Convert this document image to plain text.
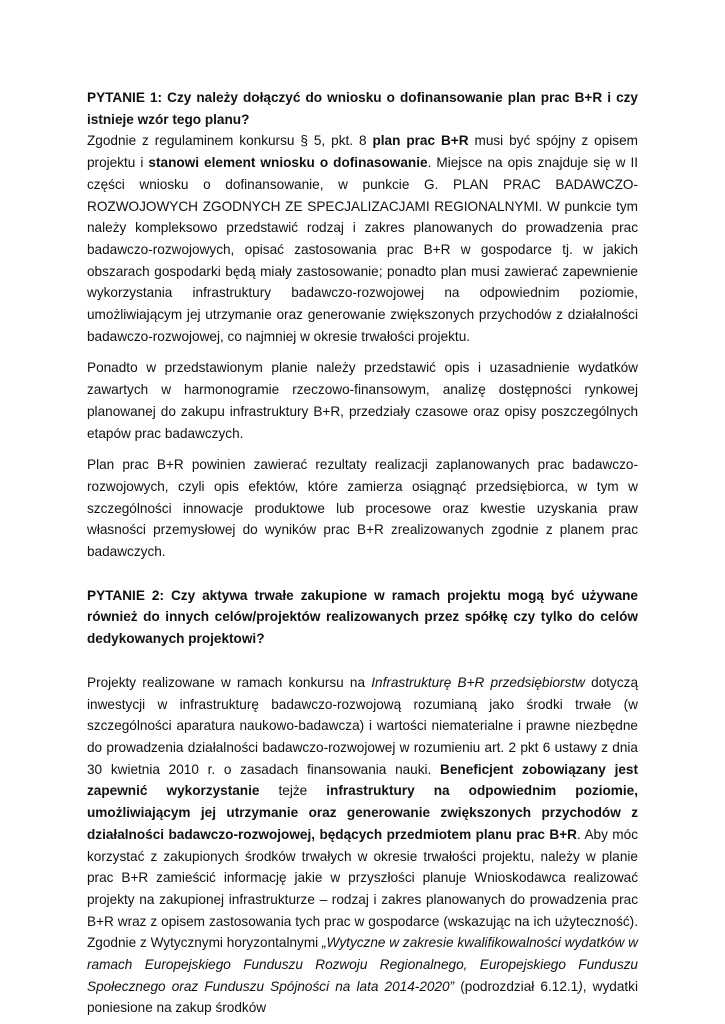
PYTANIE 1: Czy należy dołączyć do wniosku o dofinansowanie plan prac B+R i czy istnieje wzór tego planu?

Zgodnie z regulaminem konkursu § 5, pkt. 8 plan prac B+R musi być spójny z opisem projektu i stanowi element wniosku o dofinasowanie. Miejsce na opis znajduje się w II części wniosku o dofinansowanie, w punkcie G. PLAN PRAC BADAWCZO-ROZWOJOWYCH ZGODNYCH ZE SPECJALIZACJAMI REGIONALNYMI. W punkcie tym należy kompleksowo przedstawić rodzaj i zakres planowanych do prowadzenia prac badawczo-rozwojowych, opisać zastosowania prac B+R w gospodarce tj. w jakich obszarach gospodarki będą miały zastosowanie; ponadto plan musi zawierać zapewnienie wykorzystania infrastruktury badawczo-rozwojowej na odpowiednim poziomie, umożliwiającym jej utrzymanie oraz generowanie zwiększonych przychodów z działalności badawczo-rozwojowej, co najmniej w okresie trwałości projektu.

Ponadto w przedstawionym planie należy przedstawić opis i uzasadnienie wydatków zawartych w harmonogramie rzeczowo-finansowym, analizę dostępności rynkowej planowanej do zakupu infrastruktury B+R, przedziały czasowe oraz opisy poszczególnych etapów prac badawczych.

Plan prac B+R powinien zawierać rezultaty realizacji zaplanowanych prac badawczo-rozwojowych, czyli opis efektów, które zamierza osiągnąć przedsiębiorca, w tym w szczególności innowacje produktowe lub procesowe oraz kwestie uzyskania praw własności przemysłowej do wyników prac B+R zrealizowanych zgodnie z planem prac badawczych.

PYTANIE 2: Czy aktywa trwałe zakupione w ramach projektu mogą być używane również do innych celów/projektów realizowanych przez spółkę czy tylko do celów dedykowanych projektowi?

Projekty realizowane w ramach konkursu na Infrastrukturę B+R przedsiębiorstw dotyczą inwestycji w infrastrukturę badawczo-rozwojową rozumianą jako środki trwałe (w szczególności aparatura naukowo-badawcza) i wartości niematerialne i prawne niezbędne do prowadzenia działalności badawczo-rozwojowej w rozumieniu art. 2 pkt 6 ustawy z dnia 30 kwietnia 2010 r. o zasadach finansowania nauki. Beneficjent zobowiązany jest zapewnić wykorzystanie tejże infrastruktury na odpowiednim poziomie, umożliwiającym jej utrzymanie oraz generowanie zwiększonych przychodów z działalności badawczo-rozwojowej, będących przedmiotem planu prac B+R. Aby móc korzystać z zakupionych środków trwałych w okresie trwałości projektu, należy w planie prac B+R zamieścić informację jakie w przyszłości planuje Wnioskodawca realizować projekty na zakupionej infrastrukturze – rodzaj i zakres planowanych do prowadzenia prac B+R wraz z opisem zastosowania tych prac w gospodarce (wskazując na ich użyteczność). Zgodnie z Wytycznymi horyzontalnymi „Wytyczne w zakresie kwalifikowalności wydatków w ramach Europejskiego Funduszu Rozwoju Regionalnego, Europejskiego Funduszu Społecznego oraz Funduszu Spójności na lata 2014-2020” (podrozdział 6.12.1), wydatki poniesione na zakup środków
